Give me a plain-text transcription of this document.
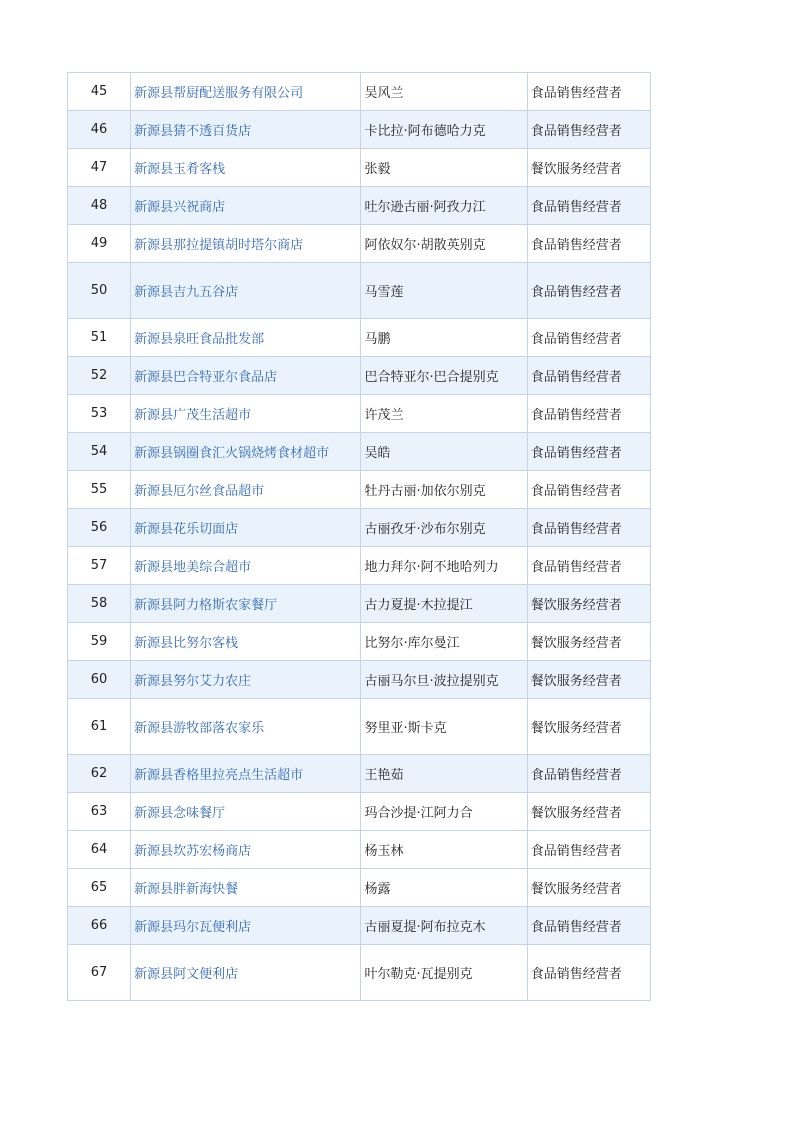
45	新源县帮厨配送服务有限公司	吴风兰	食品销售经营者
46	新源县猜不透百货店	卡比拉·阿布德哈力克	食品销售经营者
47	新源县玉肴客栈	张毅	餐饮服务经营者
48	新源县兴祝商店	吐尔逊古丽·阿孜力江	食品销售经营者
49	新源县那拉提镇胡时塔尔商店	阿依奴尔·胡散英别克	食品销售经营者
50	新源县吉九五谷店	马雪莲	食品销售经营者
51	新源县泉旺食品批发部	马鹏	食品销售经营者
52	新源县巴合特亚尔食品店	巴合特亚尔·巴合提别克	食品销售经营者
53	新源县广茂生活超市	许茂兰	食品销售经营者
54	新源县锅圈食汇火锅烧烤食材超市	吴皓	食品销售经营者
55	新源县厄尔丝食品超市	牡丹古丽·加依尔别克	食品销售经营者
56	新源县花乐切面店	古丽孜牙·沙布尔别克	食品销售经营者
57	新源县地美综合超市	地力拜尔·阿不地哈列力	食品销售经营者
58	新源县阿力格斯农家餐厅	古力夏提·木拉提江	餐饮服务经营者
59	新源县比努尔客栈	比努尔·库尔曼江	餐饮服务经营者
60	新源县努尔艾力农庄	古丽马尔旦·波拉提别克	餐饮服务经营者
61	新源县游牧部落农家乐	努里亚·斯卡克	餐饮服务经营者
62	新源县香格里拉亮点生活超市	王艳茹	食品销售经营者
63	新源县念味餐厅	玛合沙提·江阿力合	餐饮服务经营者
64	新源县坎苏宏杨商店	杨玉林	食品销售经营者
65	新源县胖新海快餐	杨露	餐饮服务经营者
66	新源县玛尔瓦便利店	古丽夏提·阿布拉克木	食品销售经营者
67	新源县阿文便利店	叶尔勒克·瓦提别克	食品销售经营者
